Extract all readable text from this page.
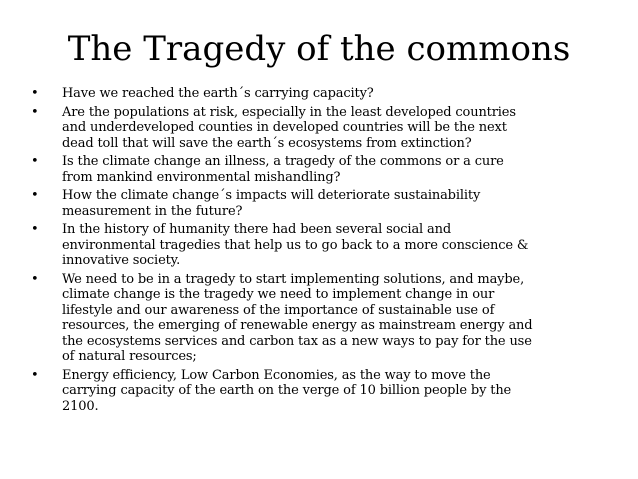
The Tragedy of the commons
• Have we reached the earth´s carrying capacity?
• Are the populations at risk, especially in the least developed countries
and underdeveloped counties in developed countries will be the next
dead toll that will save the earth´s ecosystems from extinction?
• Is the climate change an illness, a tragedy of the commons or a cure
from mankind environmental mishandling?
• How the climate change´s impacts will deteriorate sustainability
measurement in the future?
• In the history of humanity there had been several social and
environmental tragedies that help us to go back to a more conscience &
innovative society.
• We need to be in a tragedy to start implementing solutions, and maybe,
climate change is the tragedy we need to implement change in our
lifestyle and our awareness of the importance of sustainable use of
resources, the emerging of renewable energy as mainstream energy and
the ecosystems services and carbon tax as a new ways to pay for the use
of natural resources;
• Energy efficiency, Low Carbon Economies, as the way to move the
carrying capacity of the earth on the verge of 10 billion people by the
2100.
